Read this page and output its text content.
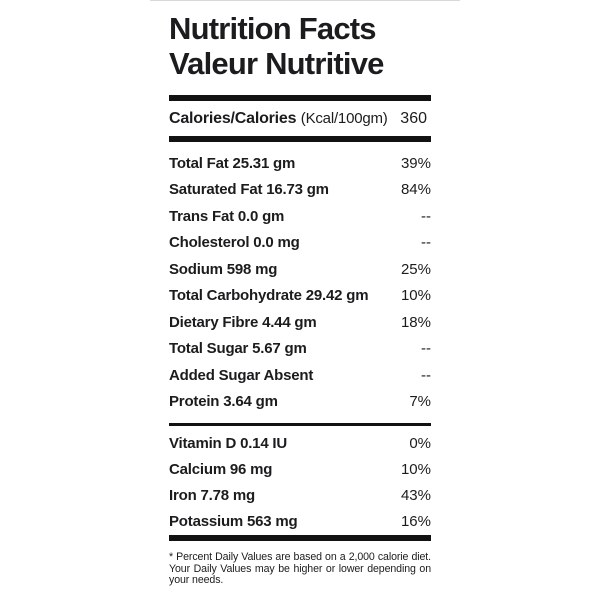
Nutrition Facts
Valeur Nutritive
Calories/Calories (Kcal/100gm) 360
Total Fat 25.31 gm	39%
Saturated Fat 16.73 gm	84%
Trans Fat 0.0 gm	--
Cholesterol 0.0 mg	--
Sodium 598 mg	25%
Total Carbohydrate 29.42 gm 10%
Dietary Fibre 4.44 gm	18%
Total Sugar 5.67 gm	--
Added Sugar Absent	--
Protein 3.64 gm	7%
Vitamin D 0.14 IU	0%
Calcium 96 mg	10%
Iron 7.78 mg	43%
Potassium 563 mg	16%
* Percent Daily Values are based on a 2,000 calorie diet. Your Daily Values may be higher or lower depending on your needs.
